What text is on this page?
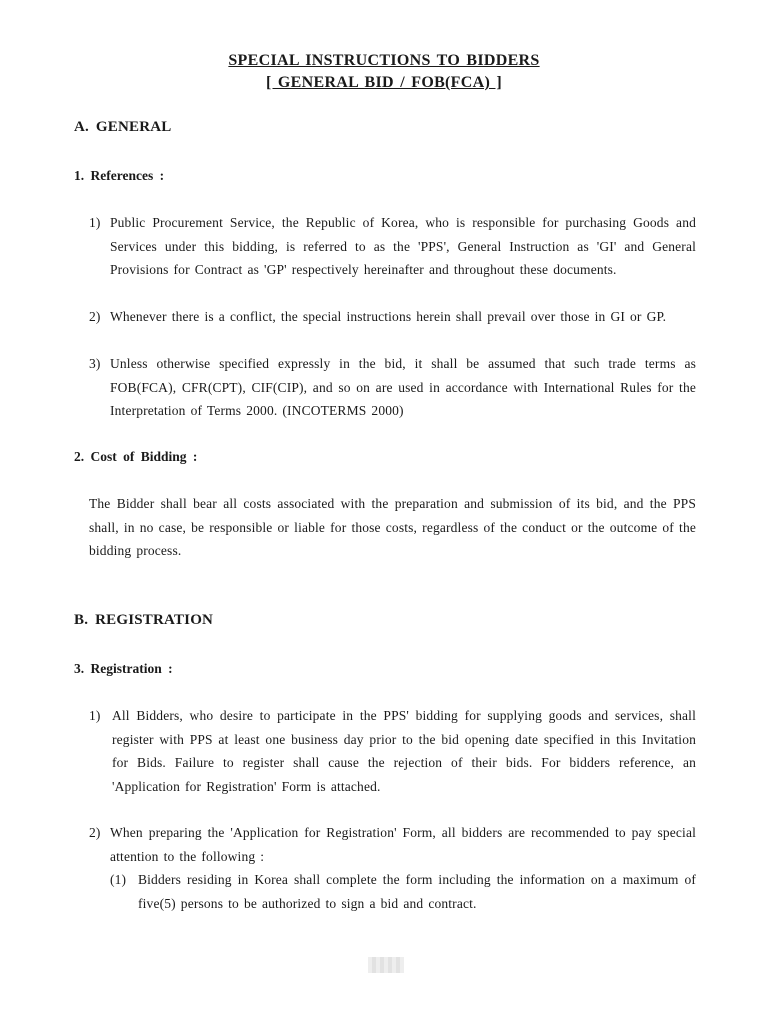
SPECIAL INSTRUCTIONS TO BIDDERS
[ GENERAL BID / FOB(FCA) ]
A. GENERAL
1. References :
1) Public Procurement Service, the Republic of Korea, who is responsible for purchasing Goods and Services under this bidding, is referred to as the 'PPS', General Instruction as 'GI' and General Provisions for Contract as 'GP' respectively hereinafter and throughout these documents.
2) Whenever there is a conflict, the special instructions herein shall prevail over those in GI or GP.
3) Unless otherwise specified expressly in the bid, it shall be assumed that such trade terms as FOB(FCA), CFR(CPT), CIF(CIP), and so on are used in accordance with International Rules for the Interpretation of Terms 2000. (INCOTERMS 2000)
2. Cost of Bidding :
The Bidder shall bear all costs associated with the preparation and submission of its bid, and the PPS shall, in no case, be responsible or liable for those costs, regardless of the conduct or the outcome of the bidding process.
B. REGISTRATION
3. Registration :
1) All Bidders, who desire to participate in the PPS' bidding for supplying goods and services, shall register with PPS at least one business day prior to the bid opening date specified in this Invitation for Bids. Failure to register shall cause the rejection of their bids. For bidders reference, an 'Application for Registration' Form is attached.
2) When preparing the 'Application for Registration' Form, all bidders are recommended to pay special attention to the following :
(1) Bidders residing in Korea shall complete the form including the information on a maximum of five(5) persons to be authorized to sign a bid and contract.
